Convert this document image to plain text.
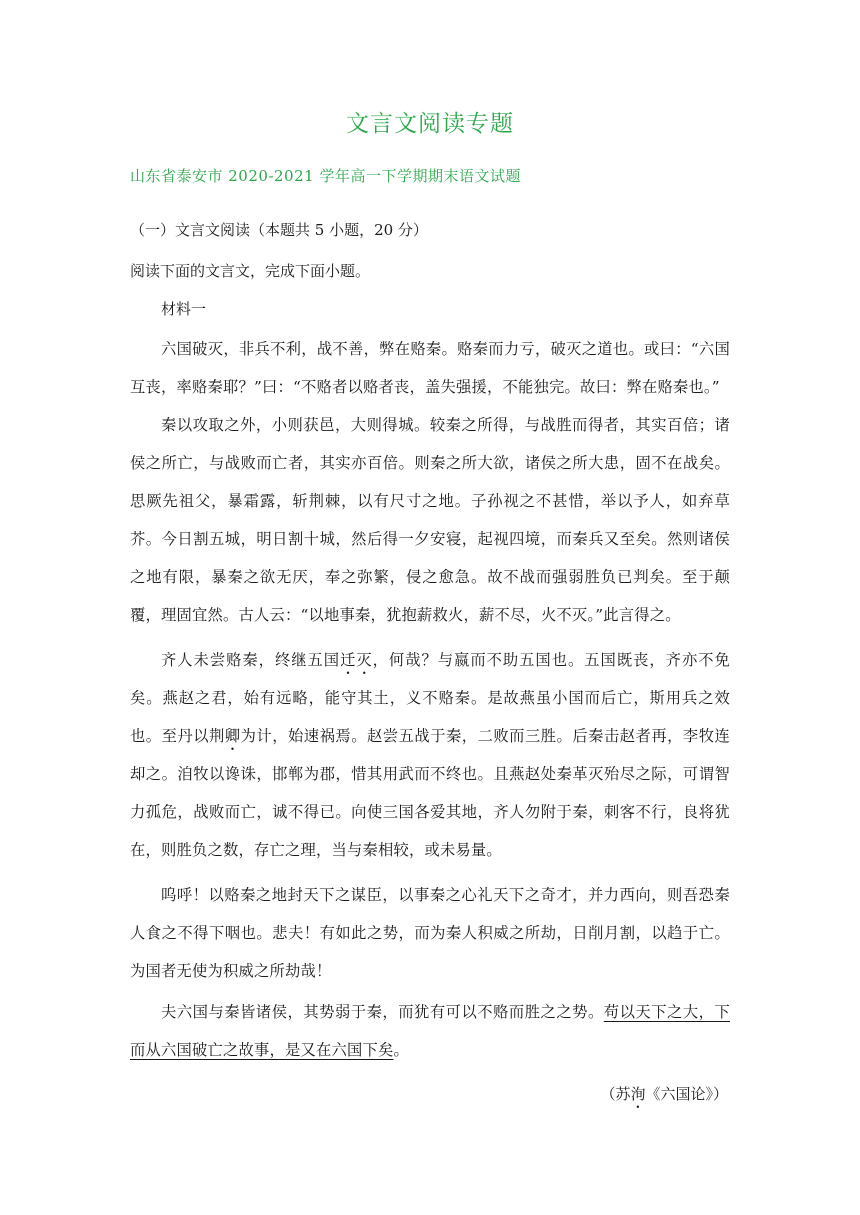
文言文阅读专题
山东省泰安市 2020-2021 学年高一下学期期末语文试题
（一）文言文阅读（本题共 5 小题，20 分）
阅读下面的文言文，完成下面小题。
材料一
六国破灭，非兵不利，战不善，弊在赂秦。赂秦而力亏，破灭之道也。或曰：“六国互丧，率赂秦耶？”曰：“不赂者以赂者丧，盖失强援，不能独完。故曰：弊在赂秦也。”
秦以攻取之外，小则获邑，大则得城。较秦之所得，与战胜而得者，其实百倍；诸侯之所亡，与战败而亡者，其实亦百倍。则秦之所大欲，诸侯之所大患，固不在战矣。思厥先祖父，暴霜露，斩荆棘，以有尺寸之地。子孙视之不甚惜，举以予人，如弃草芥。今日割五城，明日割十城，然后得一夕安寝，起视四境，而秦兵又至矣。然则诸侯之地有限，暴秦之欲无厌，奉之弥繁，侵之愈急。故不战而强弱胜负已判矣。至于颠覆，理固宜然。古人云：“以地事秦，犹抱薪救火，薪不尽，火不灭。”此言得之。
齐人未尝赂秦，终继五国迁灭，何哉？与嬴而不助五国也。五国既丧，齐亦不免矣。燕赵之君，始有远略，能守其土，义不赂秦。是故燕虽小国而后亡，斯用兵之效也。至丹以荆卿为计，始速祸焉。赵尝五战于秦，二败而三胜。后秦击赵者再，李牧连却之。洎牧以谗诛，邯郸为郡，惜其用武而不终也。且燕赵处秦革灭殆尽之际，可谓智力孤危，战败而亡，诚不得已。向使三国各爱其地，齐人勿附于秦，刺客不行，良将犹在，则胜负之数，存亡之理，当与秦相较，或未易量。
呜呼！以赂秦之地封天下之谋臣，以事秦之心礼天下之奇才，并力西向，则吾恐秦人食之不得下咽也。悲夫！有如此之势，而为秦人积威之所劫，日削月割，以趋于亡。为国者无使为积威之所劫哉！
夫六国与秦皆诸侯，其势弱于秦，而犹有可以不赂而胜之之势。苟以天下之大，下而从六国破亡之故事，是又在六国下矣。
（苏洵《六国论》）
